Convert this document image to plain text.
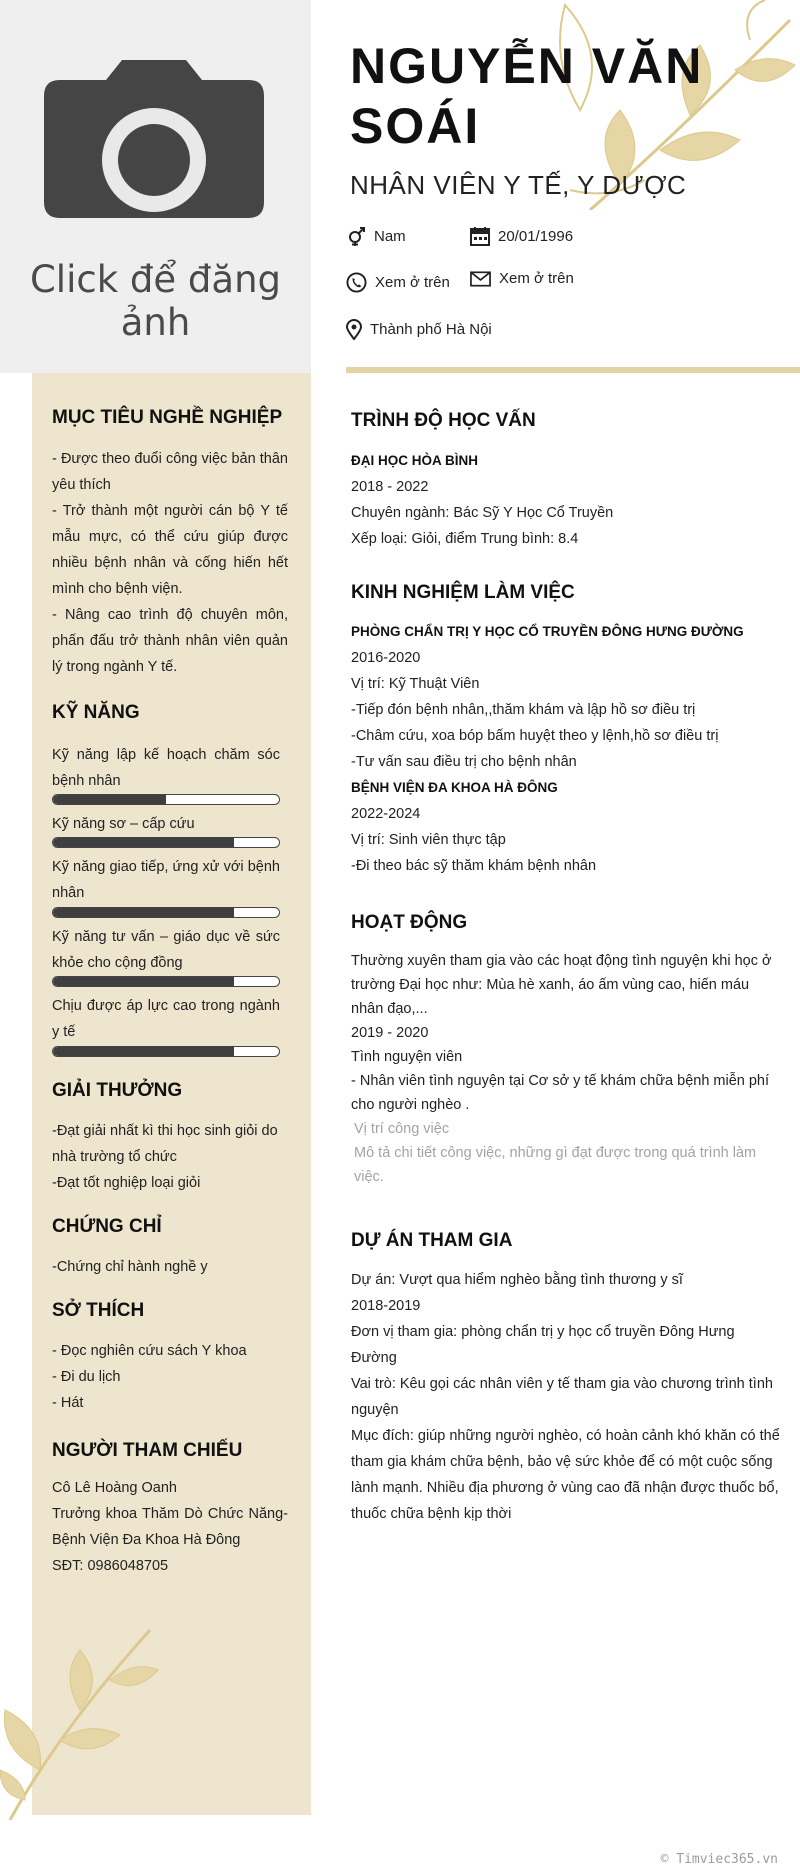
Click để đăng ảnh
NGUYỄN VĂN SOÁI
NHÂN VIÊN Y TẾ, Y DƯỢC
Nam	20/01/1996
Xem ở trên	Xem ở trên
Thành phố Hà Nội
MỤC TIÊU NGHỀ NGHIỆP
- Được theo đuổi công việc bản thân yêu thích
- Trở thành một người cán bộ Y tế mẫu mực, có thể cứu giúp được nhiều bệnh nhân và cống hiến hết mình cho bệnh viện.
- Nâng cao trình độ chuyên môn, phấn đấu trở thành nhân viên quản lý trong ngành Y tế.
KỸ NĂNG
Kỹ năng lập kế hoạch chăm sóc bệnh nhân
Kỹ năng sơ – cấp cứu
Kỹ năng giao tiếp, ứng xử với bệnh nhân
Kỹ năng tư vấn – giáo dục về sức khỏe cho cộng đồng
Chịu được áp lực cao trong ngành y tế
GIẢI THƯỞNG
-Đạt giải nhất kì thi học sinh giỏi do nhà trường tổ chức
-Đạt tốt nghiệp loại giỏi
CHỨNG CHỈ
-Chứng chỉ hành nghề y
SỞ THÍCH
- Đọc nghiên cứu sách Y khoa
- Đi du lịch
- Hát
NGƯỜI THAM CHIẾU
Cô Lê Hoàng Oanh
Trưởng khoa Thăm Dò Chức Năng- Bệnh Viện Đa Khoa Hà Đông
SĐT: 0986048705
TRÌNH ĐỘ HỌC VẤN
ĐẠI HỌC HÒA BÌNH
2018 - 2022
Chuyên ngành: Bác Sỹ Y Học Cổ Truyền
Xếp loại: Giỏi, điểm Trung bình: 8.4
KINH NGHIỆM LÀM VIỆC
PHÒNG CHẨN TRỊ Y HỌC CỔ TRUYỀN ĐÔNG HƯNG ĐƯỜNG
2016-2020
Vị trí: Kỹ Thuật Viên
-Tiếp đón bệnh nhân,,thăm khám và lập hồ sơ điều trị
-Châm cứu, xoa bóp bấm huyệt theo y lệnh,hồ sơ điều trị
-Tư vấn sau điều trị cho bệnh nhân
BỆNH VIỆN ĐA KHOA HÀ ĐÔNG
2022-2024
Vị trí: Sinh viên thực tập
-Đi theo bác sỹ thăm khám bệnh nhân
HOẠT ĐỘNG
Thường xuyên tham gia vào các hoạt động tình nguyện khi học ở trường Đại học như: Mùa hè xanh, áo ấm vùng cao, hiến máu nhân đạo,...
2019 - 2020
Tình nguyện viên
- Nhân viên tình nguyện tại Cơ sở y tế khám chữa bệnh miễn phí cho người nghèo .
Vị trí công việc
Mô tả chi tiết công việc, những gì đạt được trong quá trình làm việc.
DỰ ÁN THAM GIA
Dự án: Vượt qua hiểm nghèo bằng tình thương y sĩ
2018-2019
Đơn vị tham gia: phòng chẩn trị y học cổ truyền Đông Hưng Đường
Vai trò: Kêu gọi các nhân viên y tế tham gia vào chương trình tình nguyện
Mục đích: giúp những người nghèo, có hoàn cảnh khó khăn có thể tham gia khám chữa bệnh, bảo vệ sức khỏe để có một cuộc sống lành mạnh. Nhiều địa phương ở vùng cao đã nhận được thuốc bổ, thuốc chữa bệnh kịp thời
© Timviec365.vn
